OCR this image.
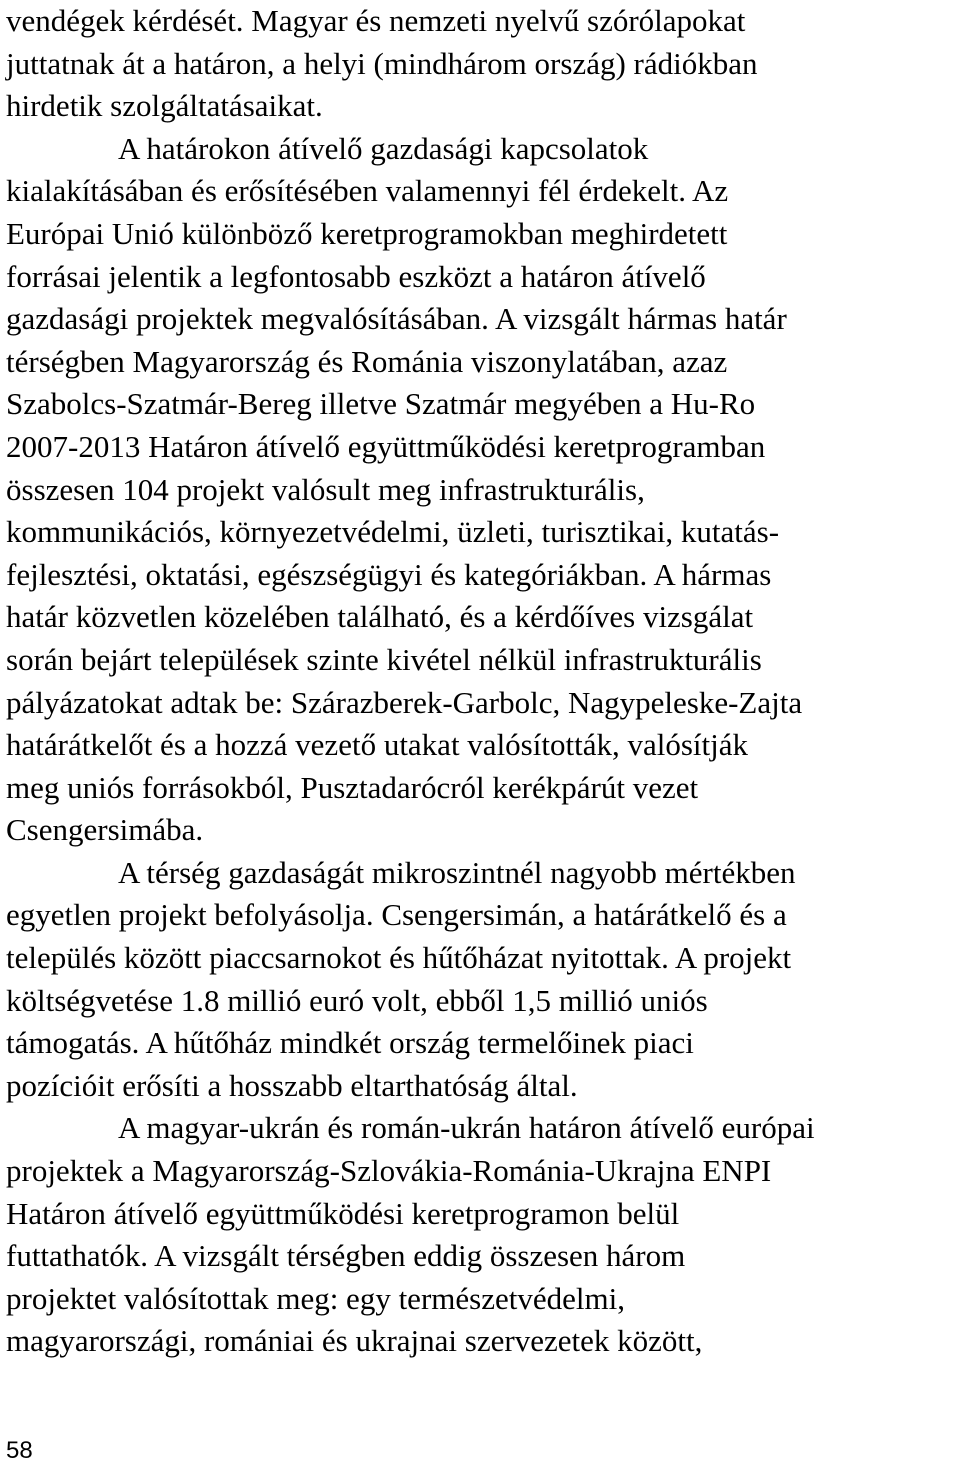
vendégek kérdését. Magyar és nemzeti nyelvű szórólapokat
juttatnak át a határon, a helyi (mindhárom ország) rádiókban
hirdetik szolgáltatásaikat.
A határokon átívelő gazdasági kapcsolatok
kialakításában és erősítésében valamennyi fél érdekelt. Az
Európai Unió különböző keretprogramokban meghirdetett
forrásai jelentik a legfontosabb eszközt a határon átívelő
gazdasági projektek megvalósításában. A vizsgált hármas határ
térségben Magyarország és Románia viszonylatában, azaz
Szabolcs-Szatmár-Bereg illetve Szatmár megyében a Hu-Ro
2007-2013 Határon átívelő együttműködési keretprogramban
összesen 104 projekt valósult meg infrastrukturális,
kommunikációs, környezetvédelmi, üzleti, turisztikai, kutatás-
fejlesztési, oktatási, egészségügyi és kategóriákban. A hármas
határ közvetlen közelében található, és a kérdőíves vizsgálat
során bejárt települések szinte kivétel nélkül infrastrukturális
pályázatokat adtak be: Szárazberek-Garbolc, Nagypeleske-Zajta
határátkelőt és a hozzá vezető utakat valósították, valósítják
meg uniós forrásokból, Pusztadarócról kerékpárút vezet
Csengersimába.
A térség gazdaságát mikroszintnél nagyobb mértékben
egyetlen projekt befolyásolja. Csengersimán, a határátkelő és a
település között piaccsarnokot és hűtőházat nyitottak. A projekt
költségvetése 1.8 millió euró volt, ebből 1,5 millió uniós
támogatás. A hűtőház mindkét ország termelőinek piaci
pozícióit erősíti a hosszabb eltarthatóság által.
A magyar-ukrán és román-ukrán határon átívelő európai
projektek a Magyarország-Szlovákia-Románia-Ukrajna ENPI
Határon átívelő együttműködési keretprogramon belül
futtathatók. A vizsgált térségben eddig összesen három
projektet valósítottak meg: egy természetvédelmi,
magyarországi, romániai és ukrajnai szervezetek között,
58
